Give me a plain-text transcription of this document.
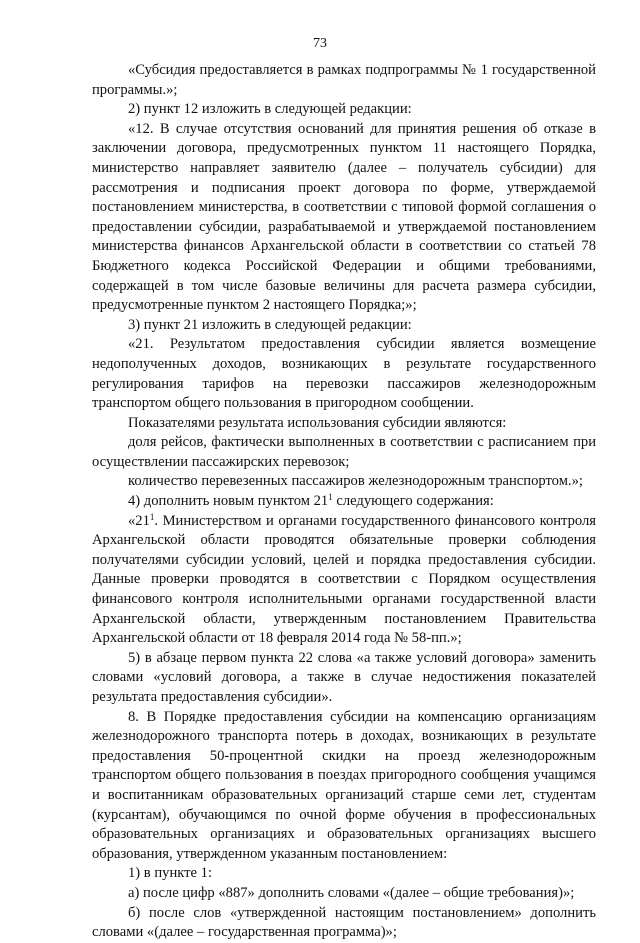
73

«Субсидия предоставляется в рамках подпрограммы № 1 государственной программы.»;

2) пункт 12 изложить в следующей редакции:

«12. В случае отсутствия оснований для принятия решения об отказе в заключении договора, предусмотренных пунктом 11 настоящего Порядка, министерство направляет заявителю (далее – получатель субсидии) для рассмотрения и подписания проект договора по форме, утверждаемой постановлением министерства, в соответствии с типовой формой соглашения о предоставлении субсидии, разрабатываемой и утверждаемой постановлением министерства финансов Архангельской области в соответствии со статьей 78 Бюджетного кодекса Российской Федерации и общими требованиями, содержащей в том числе базовые величины для расчета размера субсидии, предусмотренные пунктом 2 настоящего Порядка;»;

3) пункт 21 изложить в следующей редакции:

«21. Результатом предоставления субсидии является возмещение недополученных доходов, возникающих в результате государственного регулирования тарифов на перевозки пассажиров железнодорожным транспортом общего пользования в пригородном сообщении.

Показателями результата использования субсидии являются:

доля рейсов, фактически выполненных в соответствии с расписанием при осуществлении пассажирских перевозок;

количество перевезенных пассажиров железнодорожным транспортом.»;

4) дополнить новым пунктом $21^1$ следующего содержания:

«$21^1$. Министерством и органами государственного финансового контроля Архангельской области проводятся обязательные проверки соблюдения получателями субсидии условий, целей и порядка предоставления субсидии. Данные проверки проводятся в соответствии с Порядком осуществления финансового контроля исполнительными органами государственной власти Архангельской области, утвержденным постановлением Правительства Архангельской области от 18 февраля 2014 года № 58-пп.»;

5) в абзаце первом пункта 22 слова «а также условий договора» заменить словами «условий договора, а также в случае недостижения показателей результата предоставления субсидии».

8. В Порядке предоставления субсидии на компенсацию организациям железнодорожного транспорта потерь в доходах, возникающих в результате предоставления 50-процентной скидки на проезд железнодорожным транспортом общего пользования в поездах пригородного сообщения учащимся и воспитанникам образовательных организаций старше семи лет, студентам (курсантам), обучающимся по очной форме обучения в профессиональных образовательных организациях и образовательных организациях высшего образования, утвержденном указанным постановлением:

1) в пункте 1:

а) после цифр «887» дополнить словами «(далее – общие требования)»;

б) после слов «утвержденной настоящим постановлением» дополнить словами «(далее – государственная программа)»;
